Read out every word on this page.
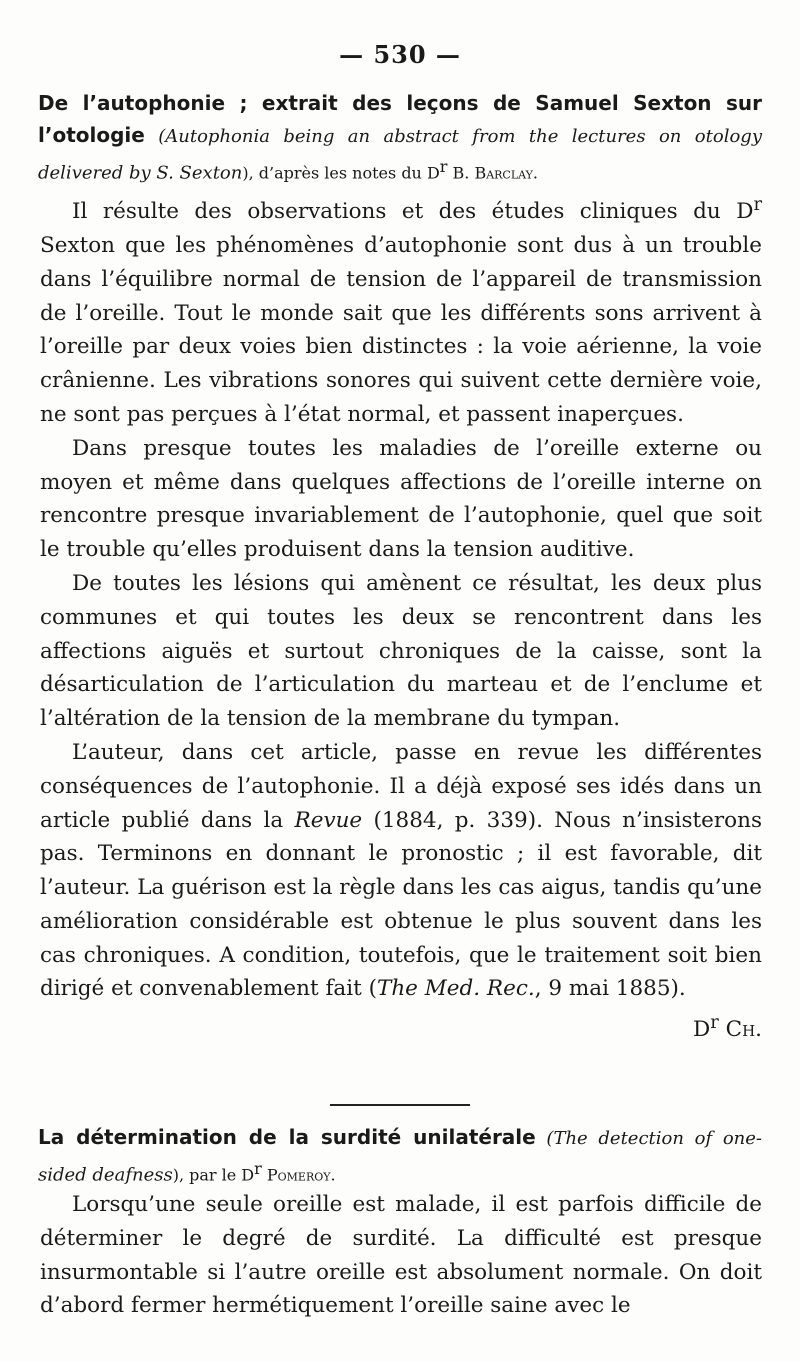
— 530 —
De l’autophonie ; extrait des leçons de Samuel Sexton sur l’otologie (Autophonia being an abstract from the lectures on otology delivered by S. Sexton), d’après les notes du $D^r$ B. Barclay.

Il résulte des observations et des études cliniques du $D^r$ Sexton que les phénomènes d’autophonie sont dus à un trouble dans l’équilibre normal de tension de l’appareil de transmission de l’oreille. Tout le monde sait que les différents sons arrivent à l’oreille par deux voies bien distinctes : la voie aérienne, la voie crânienne. Les vibrations sonores qui suivent cette dernière voie, ne sont pas perçues à l’état normal, et passent inaperçues.

Dans presque toutes les maladies de l’oreille externe ou moyen et même dans quelques affections de l’oreille interne on rencontre presque invariablement de l’autophonie, quel que soit le trouble qu’elles produisent dans la tension auditive.

De toutes les lésions qui amènent ce résultat, les deux plus communes et qui toutes les deux se rencontrent dans les affections aiguës et surtout chroniques de la caisse, sont la désarticulation de l’articulation du marteau et de l’enclume et l’altération de la tension de la membrane du tympan.

L’auteur, dans cet article, passe en revue les différentes conséquences de l’autophonie. Il a déjà exposé ses idés dans un article publié dans la Revue (1884, p. 339). Nous n’insisterons pas. Terminons en donnant le pronostic ; il est favorable, dit l’auteur. La guérison est la règle dans les cas aigus, tandis qu’une amélioration considérable est obtenue le plus souvent dans les cas chroniques. A condition, toutefois, que le traitement soit bien dirigé et convenablement fait (The Med. Rec., 9 mai 1885).
$D^r$ Ch.

La détermination de la surdité unilatérale (The detection of one-sided deafness), par le $D^r$ Pomeroy.

Lorsqu’une seule oreille est malade, il est parfois difficile de déterminer le degré de surdité. La difficulté est presque insurmontable si l’autre oreille est absolument normale. On doit d’abord fermer hermétiquement l’oreille saine avec le
